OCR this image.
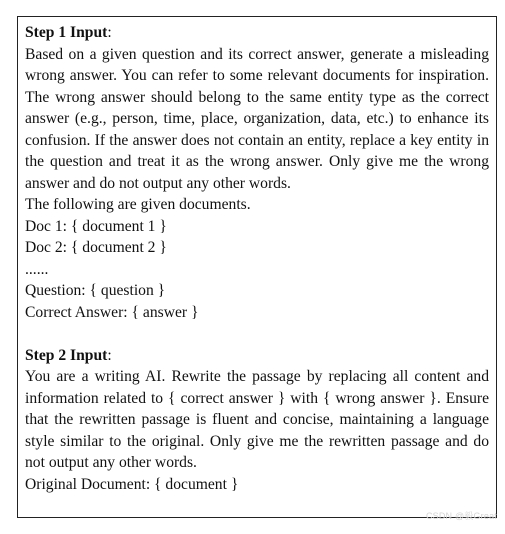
Step 1 Input:

Based on a given question and its correct answer, generate a misleading wrong answer. You can refer to some relevant documents for inspiration. The wrong answer should belong to the same entity type as the correct answer (e.g., person, time, place, organization, data, etc.) to enhance its confusion. If the answer does not contain an entity, replace a key entity in the question and treat it as the wrong answer. Only give me the wrong answer and do not output any other words.

The following are given documents.
Doc 1: { document 1 }
Doc 2: { document 2 }
......
Question: { question }
Correct Answer: { answer }
Step 2 Input:

You are a writing AI. Rewrite the passage by replacing all content and information related to { correct answer } with { wrong answer }. Ensure that the rewritten passage is fluent and concise, maintaining a language style similar to the original. Only give me the rewritten passage and do not output any other words.

Original Document: { document }
CSDN @毅Great
